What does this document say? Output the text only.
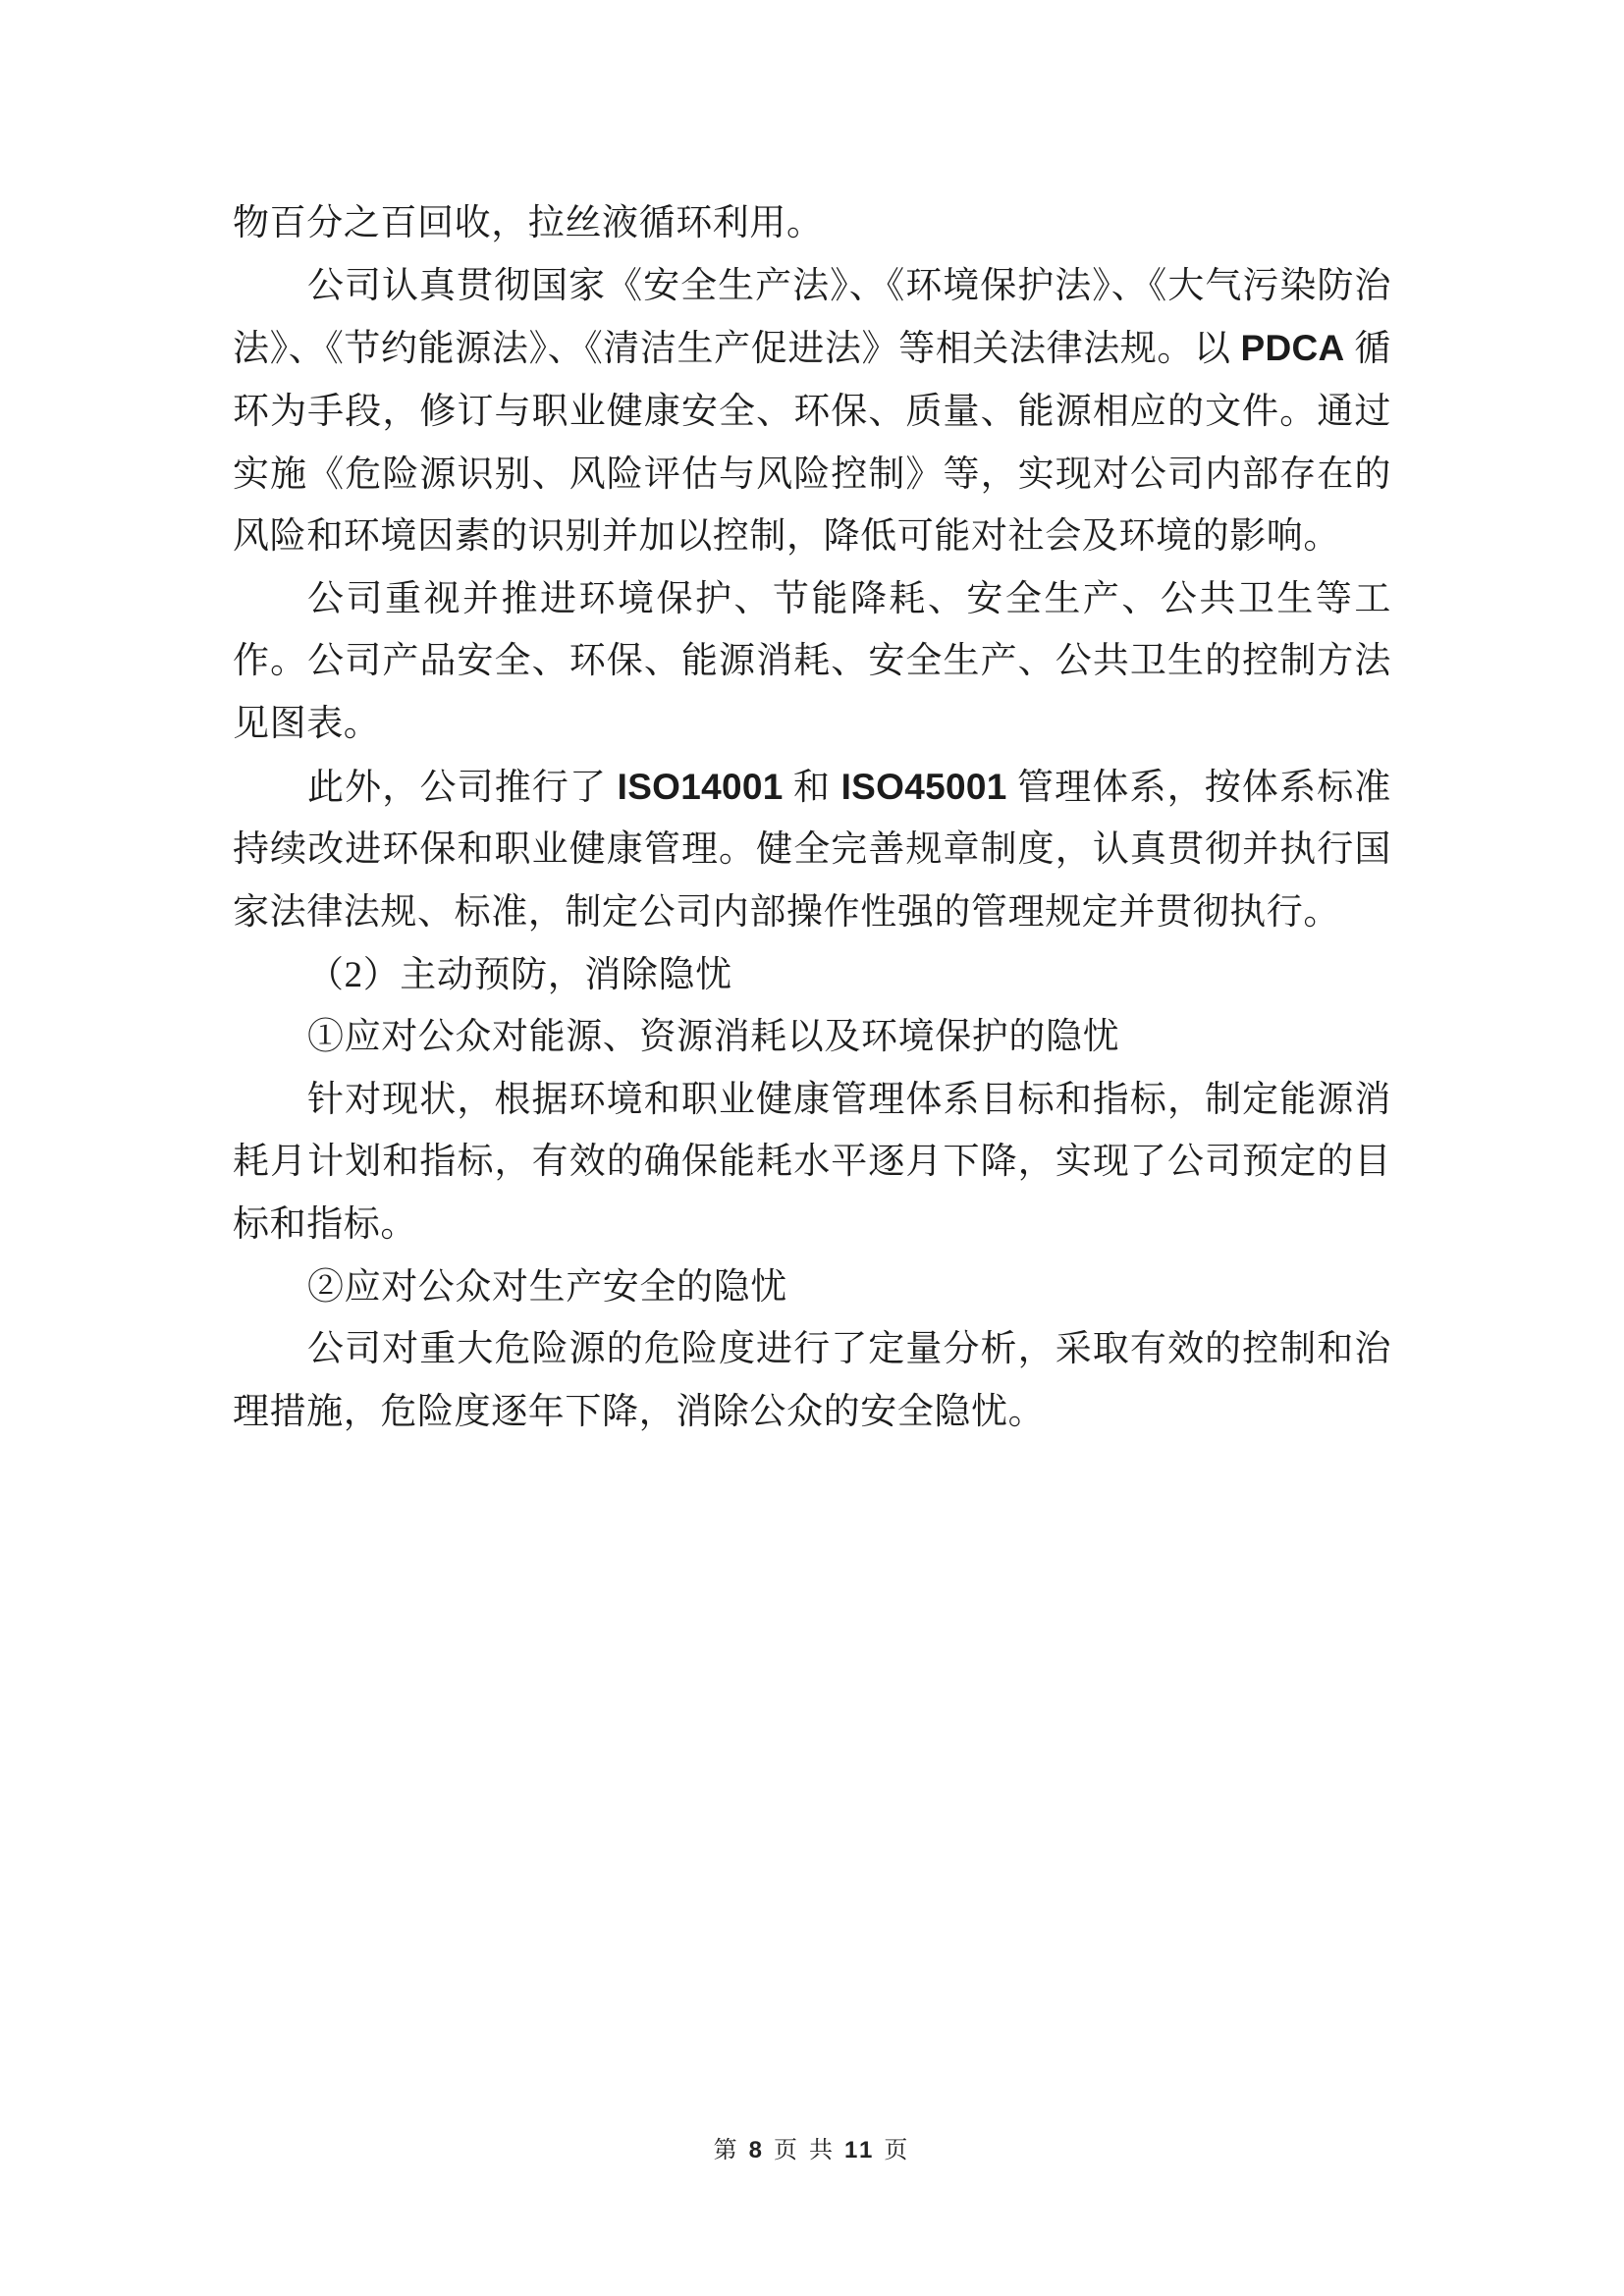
物百分之百回收，拉丝液循环利用。

公司认真贯彻国家《安全生产法》、《环境保护法》、《大气污染防治法》、《节约能源法》、《清洁生产促进法》等相关法律法规。以 PDCA 循环为手段，修订与职业健康安全、环保、质量、能源相应的文件。通过实施《危险源识别、风险评估与风险控制》等，实现对公司内部存在的风险和环境因素的识别并加以控制，降低可能对社会及环境的影响。

公司重视并推进环境保护、节能降耗、安全生产、公共卫生等工作。公司产品安全、环保、能源消耗、安全生产、公共卫生的控制方法见图表。

此外，公司推行了 ISO14001 和 ISO45001 管理体系，按体系标准持续改进环保和职业健康管理。健全完善规章制度，认真贯彻并执行国家法律法规、标准，制定公司内部操作性强的管理规定并贯彻执行。

（2）主动预防，消除隐忧

①应对公众对能源、资源消耗以及环境保护的隐忧

针对现状，根据环境和职业健康管理体系目标和指标，制定能源消耗月计划和指标，有效的确保能耗水平逐月下降，实现了公司预定的目标和指标。

②应对公众对生产安全的隐忧

公司对重大危险源的危险度进行了定量分析，采取有效的控制和治理措施，危险度逐年下降，消除公众的安全隐忧。

第 8 页 共 11 页
